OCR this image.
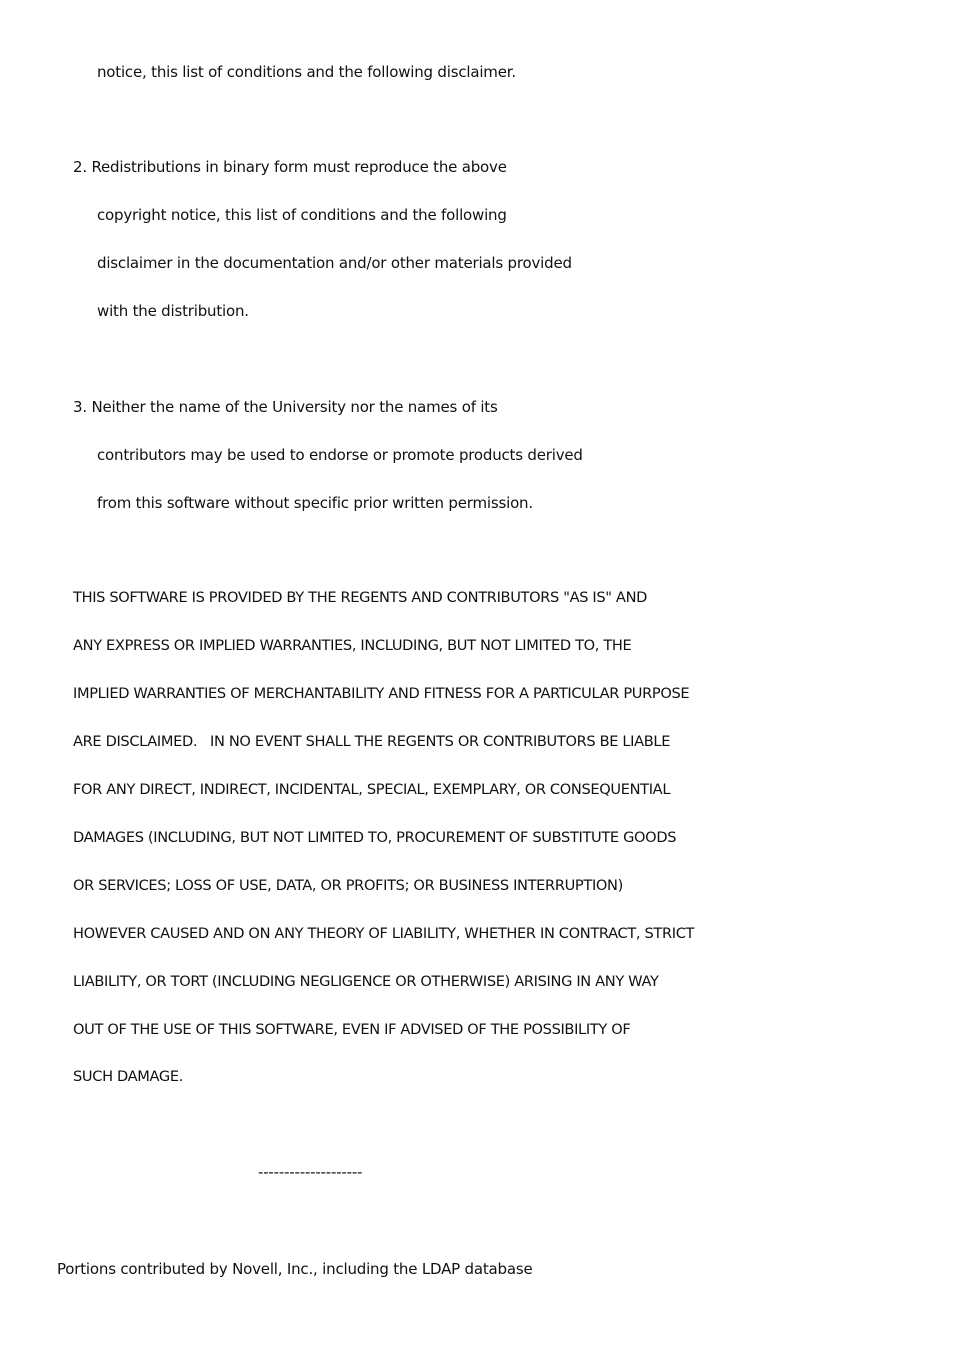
notice, this list of conditions and the following disclaimer.
2. Redistributions in binary form must reproduce the above
copyright notice, this list of conditions and the following
disclaimer in the documentation and/or other materials provided
with the distribution.
3. Neither the name of the University nor the names of its
contributors may be used to endorse or promote products derived
from this software without specific prior written permission.
THIS SOFTWARE IS PROVIDED BY THE REGENTS AND CONTRIBUTORS "AS IS" AND
ANY EXPRESS OR IMPLIED WARRANTIES, INCLUDING, BUT NOT LIMITED TO, THE
IMPLIED WARRANTIES OF MERCHANTABILITY AND FITNESS FOR A PARTICULAR PURPOSE
ARE DISCLAIMED.   IN NO EVENT SHALL THE REGENTS OR CONTRIBUTORS BE LIABLE
FOR ANY DIRECT, INDIRECT, INCIDENTAL, SPECIAL, EXEMPLARY, OR CONSEQUENTIAL
DAMAGES (INCLUDING, BUT NOT LIMITED TO, PROCUREMENT OF SUBSTITUTE GOODS
OR SERVICES; LOSS OF USE, DATA, OR PROFITS; OR BUSINESS INTERRUPTION)
HOWEVER CAUSED AND ON ANY THEORY OF LIABILITY, WHETHER IN CONTRACT, STRICT
LIABILITY, OR TORT (INCLUDING NEGLIGENCE OR OTHERWISE) ARISING IN ANY WAY
OUT OF THE USE OF THIS SOFTWARE, EVEN IF ADVISED OF THE POSSIBILITY OF
SUCH DAMAGE.
--------------------
Portions contributed by Novell, Inc., including the LDAP database
